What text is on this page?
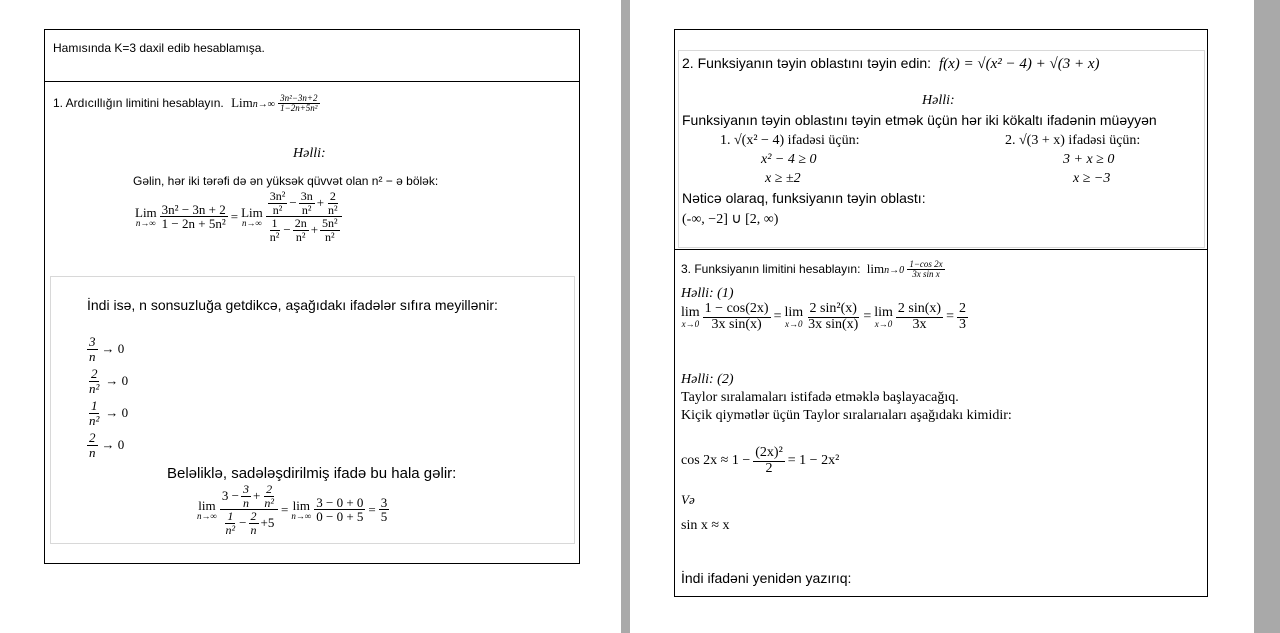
Hamısında K=3 daxil edib hesablamışa.
1. Ardıcıllığın limitini hesablayın. Limn→∞ $\frac{\text{3n²−3n+2}}{\text{1−2n+5n²}}$
Həlli:
Gəlin, hər iki tərəfi də ən yüksək qüvvət olan n² − ə bölək:
Lim
$n\to\infty \frac{\text{3n² − 3n + 2}}{\text{1 − 2n + 5n²}}$ = Lim
$n\to\infty \frac{\frac{\text{3n²}}{\text{n²}} - \frac{3n}{\text{n²}} + \frac{2}{\text{n²}}}{\frac{1}{\text{n²}} - \frac{2n}{\text{n²}} + \frac{\text{5n²}}{\text{n²}}}$
İndi isə, n sonsuzluğa getdikcə, aşağıdakı ifadələr sıfıra meyillənir:
$\frac{3}{n} \to 0$
$\frac{2}{\text{n²}} \to 0$
$\frac{1}{\text{n²}} \to 0$
$\frac{2}{n} \to 0$
Beləliklə, sadələşdirilmiş ifadə bu hala gəlir:
lim
$n\to\infty \frac{3 - \frac{3}{n} + \frac{2}{\text{n²}}}{\frac{1}{\text{n²}} - \frac{2}{n} +5} = \lim$
$n\to\infty \frac{3 - 0 + 0}{0 - 0 + 5} = \frac{3}{5}$
2. Funksiyanın təyin oblastını təyin edin: f(x) = √(x² − 4) + √(3 + x)
Həlli:
Funksiyanın təyin oblastını təyin etmək üçün hər iki kökaltı ifadənin müəyyən
1. √(x² − 4) ifadəsi üçün:
x² − 4 ≥ 0
x ≥ ±2
2. √(3 + x) ifadəsi üçün:
3 + x ≥ 0
x ≥ −3
Nəticə olaraq, funksiyanın təyin oblastı:
(-∞, −2] ∪ [2, ∞)
3. Funksiyanın limitini hesablayın: $\lim n\to 0 \frac{1-\cos 2x}{\text{3x sin x}}$
Həlli: (1)
lim
$x\to 0 \frac{1 - \cos(2x)}{\text{3x sin(x)}} = \lim$
$x\to 0 \frac{\text{2 sin²(x)}}{\text{3x sin(x)}} = \lim$
$x\to 0 \frac{2 \sin(x)}{3x} = \frac{2}{3}$
Həlli: (2)
Taylor sıralamaları istifadə etməklə başlayacağıq.
Kiçik qiymətlər üçün Taylor sıralarıaları aşağıdakı kimidir:
$\cos 2x \approx 1 - \frac{\text{(2x)²}}{2} = 1 - 2x^2$
Və
sin x ≈ x
İndi ifadəni yenidən yazırıq:
